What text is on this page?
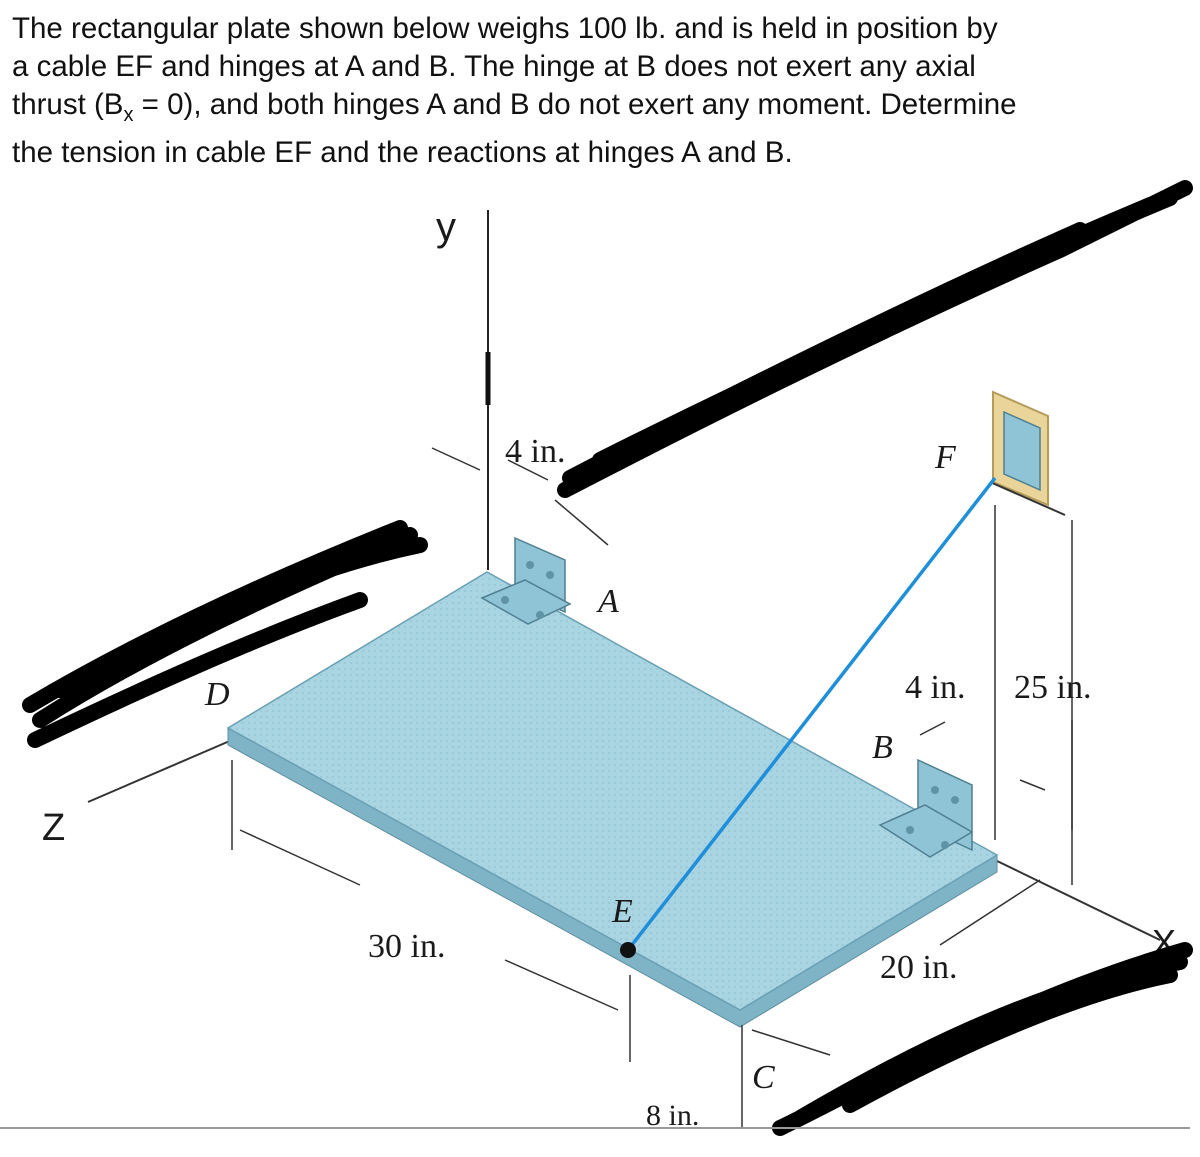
The rectangular plate shown below weighs 100 lb. and is held in position by
a cable EF and hinges at A and B. The hinge at B does not exert any axial
thrust $(B_x = 0)$, and both hinges A and B do not exert any moment. Determine
the tension in cable EF and the reactions at hinges A and B.

y
Z
X
A
B
C
D
E
F
4 in.
4 in. 25 in.
20 in.
30 in.
8 in.
